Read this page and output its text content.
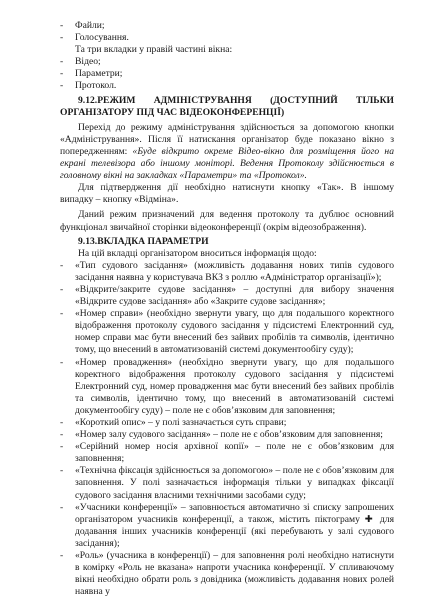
- Файли;

- Голосування.

Та три вкладки у правій частині вікна:

- Відео;

- Параметри;

- Протокол.

9.12.РЕЖИМ АДМІНІСТРУВАННЯ (ДОСТУПНИЙ ТІЛЬКИ ОРГАНІЗАТОРУ ПІД ЧАС ВІДЕОКОНФЕРЕНЦІЇ)

Перехід до режиму адміністрування здійснюється за допомогою кнопки «Адміністрування». Після її натискання організатор буде показано вікно з попередженням: «Буде відкрито окреме Відео-вікно для розміщення його на екрані телевізора або іншому моніторі. Ведення Протоколу здійснюється в головному вікні на закладках «Параметри» та «Протокол».

Для підтвердження дії необхідно натиснути кнопку «Так». В іншому випадку – кнопку «Відміна».

Даний режим призначений для ведення протоколу та дублює основний функціонал звичайної сторінки відеоконференції (окрім відеозображення).

9.13.ВКЛАДКА ПАРАМЕТРИ

На цій вкладці організатором вноситься інформація щодо:

- «Тип судового засідання» (можливість додавання нових типів судового засідання наявна у користувача ВКЗ з роллю «Адміністратор організації»);

- «Відкрите/закрите судове засідання» – доступні для вибору значення «Відкрите судове засідання» або «Закрите судове засідання»;

- «Номер справи» (необхідно звернути увагу, що для подальшого коректного відображення протоколу судового засідання у підсистемі Електронний суд, номер справи має бути внесений без зайвих пробілів та символів, ідентично тому, що внесений в автоматизованій системі документообігу суду);

- «Номер провадження» (необхідно звернути увагу, що для подальшого коректного відображення протоколу судового засідання у підсистемі Електронний суд, номер провадження має бути внесений без зайвих пробілів та символів, ідентично тому, що внесений в автоматизованій системі документообігу суду) – поле не є обов’язковим для заповнення;

- «Короткий опис» – у полі зазначається суть справи;

- «Номер залу судового засідання» – поле не є обов’язковим для заповнення;

- «Серійний номер носія архівної копії» – поле не є обов’язковим для заповнення;

- «Технічна фіксація здійснюється за допомогою» – поле не є обов’язковим для заповнення. У полі зазначається інформація тільки у випадках фіксації судового засідання власними технічними засобами суду;

- «Учасники конференції» – заповнюється автоматично зі списку запрошених організатором учасників конференції, а також, містить піктограму ✚ для додавання інших учасників конференції (які перебувають у залі судового засідання);

- «Роль» (учасника в конференції) – для заповнення ролі необхідно натиснути в комірку «Роль не вказана» напроти учасника конференції. У спливаючому вікні необхідно обрати роль з довідника (можливість додавання нових ролей наявна у
